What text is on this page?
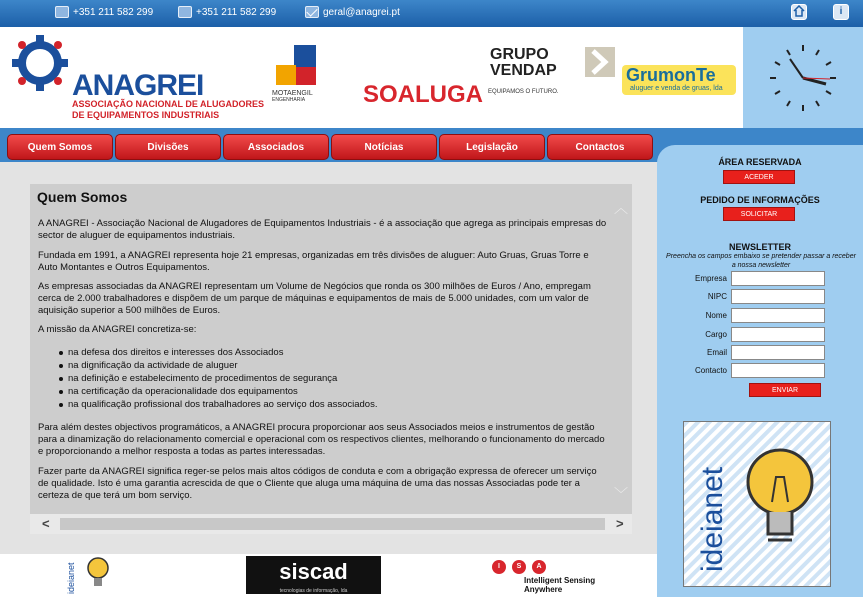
+351 211 582 299	+351 211 582 299	geral@anagrei.pt	i
ANAGREI
ASSOCIAÇÃO NACIONAL DE ALUGADORES
DE EQUIPAMENTOS INDUSTRIAIS
MOTAENGIL
ENGENHARIA	SOALUGA
GRUPO
VENDAP
EQUIPAMOS O FUTURO.
GrumonTe
aluguer e venda de gruas, lda
Quem Somos	Divisões	Associados	Notícias	Legislação	Contactos
Quem Somos

A ANAGREI - Associação Nacional de Alugadores de Equipamentos Industriais - é a associação que agrega as principais empresas do sector de aluguer de equipamentos industriais.

Fundada em 1991, a ANAGREI representa hoje 21 empresas, organizadas em três divisões de aluguer: Auto Gruas, Gruas Torre e Auto Montantes e Outros Equipamentos.

As empresas associadas da ANAGREI representam um Volume de Negócios que ronda os 300 milhões de Euros / Ano, empregam cerca de 2.000 trabalhadores e dispõem de um parque de máquinas e equipamentos de mais de 5.000 unidades, com um valor de aquisição superior a 500 milhões de Euros.

A missão da ANAGREI concretiza-se:

• na defesa dos direitos e interesses dos Associados
• na dignificação da actividade de aluguer
• na definição e estabelecimento de procedimentos de segurança
• na certificação da operacionalidade dos equipamentos
• na qualificação profissional dos trabalhadores ao serviço dos associados.

Para além destes objectivos programáticos, a ANAGREI procura proporcionar aos seus Associados meios e instrumentos de gestão para a dinamização do relacionamento comercial e operacional com os respectivos clientes, melhorando o funcionamento do mercado e proporcionando a melhor resposta a todas as partes interessadas.

Fazer parte da ANAGREI significa reger-se pelos mais altos códigos de conduta e com a obrigação expressa de oferecer um serviço de qualidade. Isto é uma garantia acrescida de que o Cliente que aluga uma máquina de uma das nossas Associadas pode ter a certeza de que terá um bom serviço.

︿
﹀
<	>
ideianet	siscad
tecnologias de informação, lda
I	S	A
Intelligent Sensing
Anywhere
ÁREA RESERVADA
ACEDER
PEDIDO DE INFORMAÇÕES
SOLICITAR
NEWSLETTER
Preencha os campos embaixo se pretender passar a receber a nossa newsletter
Empresa
NIPC
Nome
Cargo
Email
Contacto
ENVIAR
ideianet
